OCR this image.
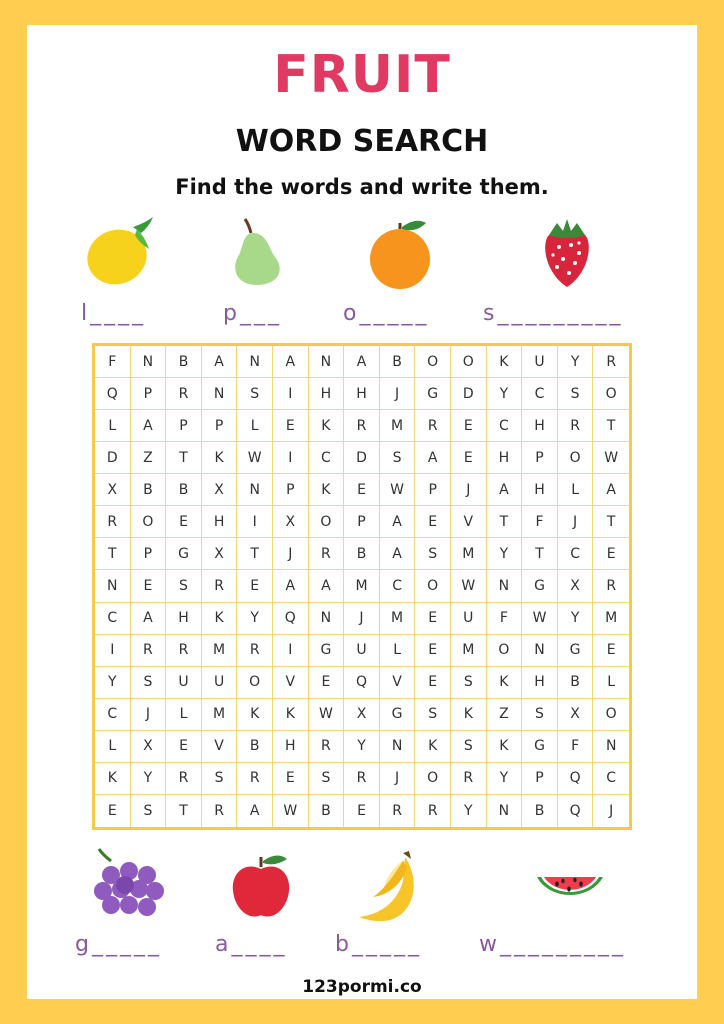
FRUIT
WORD SEARCH
Find the words and write them.
l____	p___	o_____ s_________
F	N	B	A	N	A	N	A	B	O	O	K	U	Y	R
Q	P	R	N	S	I	H	H	J	G	D	Y	C	S	O
L	A	P	P	L	E	K	R	M	R	E	C	H	R	T
D	Z	T	K	W	I	C	D	S	A	E	H	P	O	W
X	B	B	X	N	P	K	E	W	P	J	A	H	L	A
R	O	E	H	I	X	O	P	A	E	V	T	F	J	T
T	P	G	X	T	J	R	B	A	S	M	Y	T	C	E
N	E	S	R	E	A	A	M	C	O	W	N	G	X	R
C	A	H	K	Y	Q	N	J	M	E	U	F	W	Y	M
I	R	R	M	R	I	G	U	L	E	M	O	N	G	E
Y	S	U	U	O	V	E	Q	V	E	S	K	H	B	L
C	J	L	M	K	K	W	X	G	S	K	Z	S	X	O
L	X	E	V	B	H	R	Y	N	K	S	K	G	F	N
K	Y	R	S	R	E	S	R	J	O	R	Y	P	Q	C
E	S	T	R	A	W	B	E	R	R	Y	N	B	Q	J
g_____ a____ b_____	w_________
123pormi.co
